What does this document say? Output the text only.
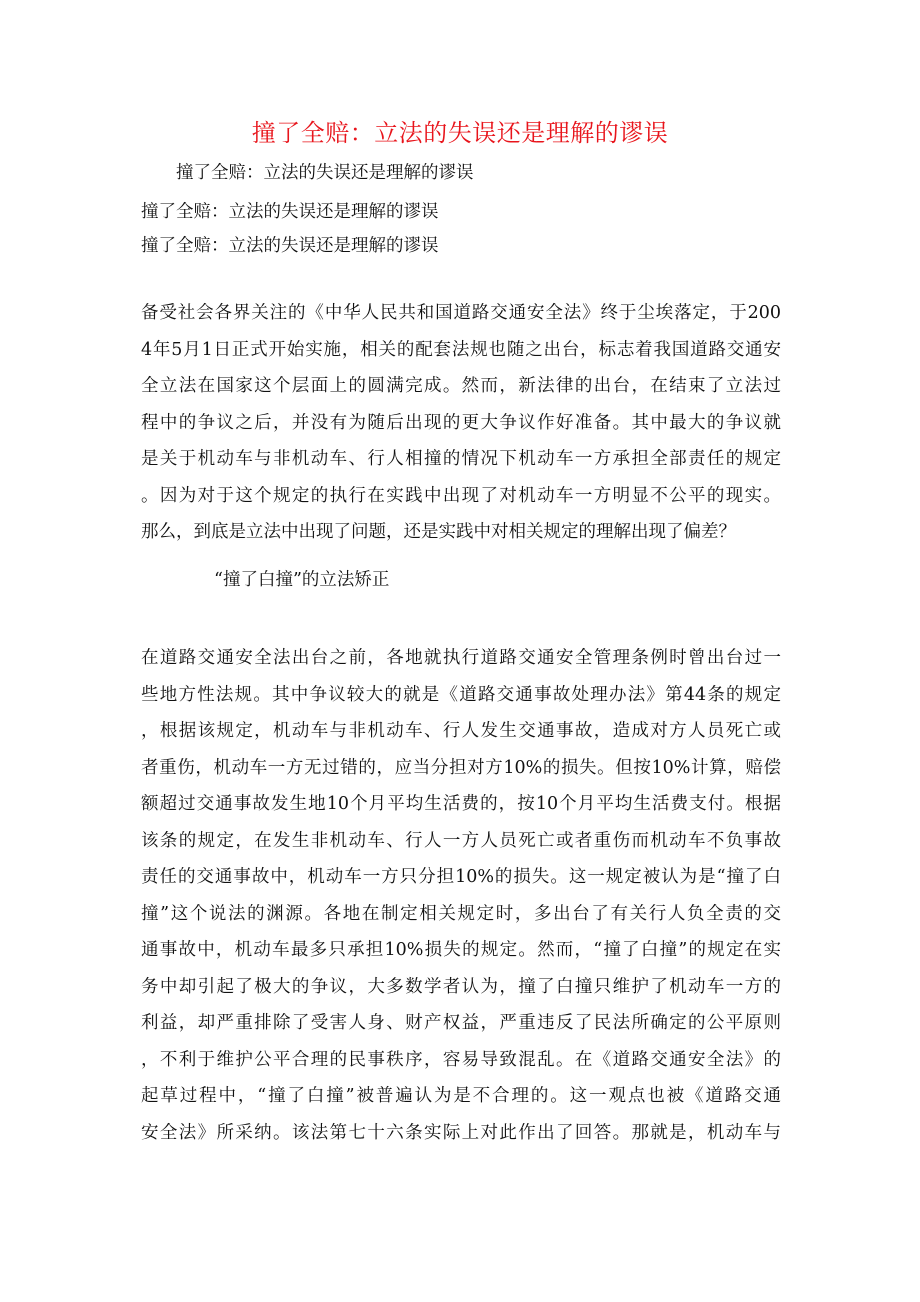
撞了全赔：立法的失误还是理解的谬误

撞了全赔：立法的失误还是理解的谬误

撞了全赔：立法的失误还是理解的谬误

撞了全赔：立法的失误还是理解的谬误

备受社会各界关注的《中华人民共和国道路交通安全法》终于尘埃落定，于200
4年5月1日正式开始实施，相关的配套法规也随之出台，标志着我国道路交通安
全立法在国家这个层面上的圆满完成。然而，新法律的出台，在结束了立法过
程中的争议之后，并没有为随后出现的更大争议作好准备。其中最大的争议就
是关于机动车与非机动车、行人相撞的情况下机动车一方承担全部责任的规定
。因为对于这个规定的执行在实践中出现了对机动车一方明显不公平的现实。
那么，到底是立法中出现了问题，还是实践中对相关规定的理解出现了偏差？

“撞了白撞”的立法矫正

在道路交通安全法出台之前，各地就执行道路交通安全管理条例时曾出台过一
些地方性法规。其中争议较大的就是《道路交通事故处理办法》第44条的规定
，根据该规定，机动车与非机动车、行人发生交通事故，造成对方人员死亡或
者重伤，机动车一方无过错的，应当分担对方10%的损失。但按10%计算，赔偿
额超过交通事故发生地10个月平均生活费的，按10个月平均生活费支付。根据
该条的规定，在发生非机动车、行人一方人员死亡或者重伤而机动车不负事故
责任的交通事故中，机动车一方只分担10%的损失。这一规定被认为是“撞了白
撞”这个说法的渊源。各地在制定相关规定时，多出台了有关行人负全责的交
通事故中，机动车最多只承担10%损失的规定。然而，“撞了白撞”的规定在实
务中却引起了极大的争议，大多数学者认为，撞了白撞只维护了机动车一方的
利益，却严重排除了受害人身、财产权益，严重违反了民法所确定的公平原则
，不利于维护公平合理的民事秩序，容易导致混乱。在《道路交通安全法》的
起草过程中，“撞了白撞”被普遍认为是不合理的。这一观点也被《道路交通
安全法》所采纳。该法第七十六条实际上对此作出了回答。那就是，机动车与
